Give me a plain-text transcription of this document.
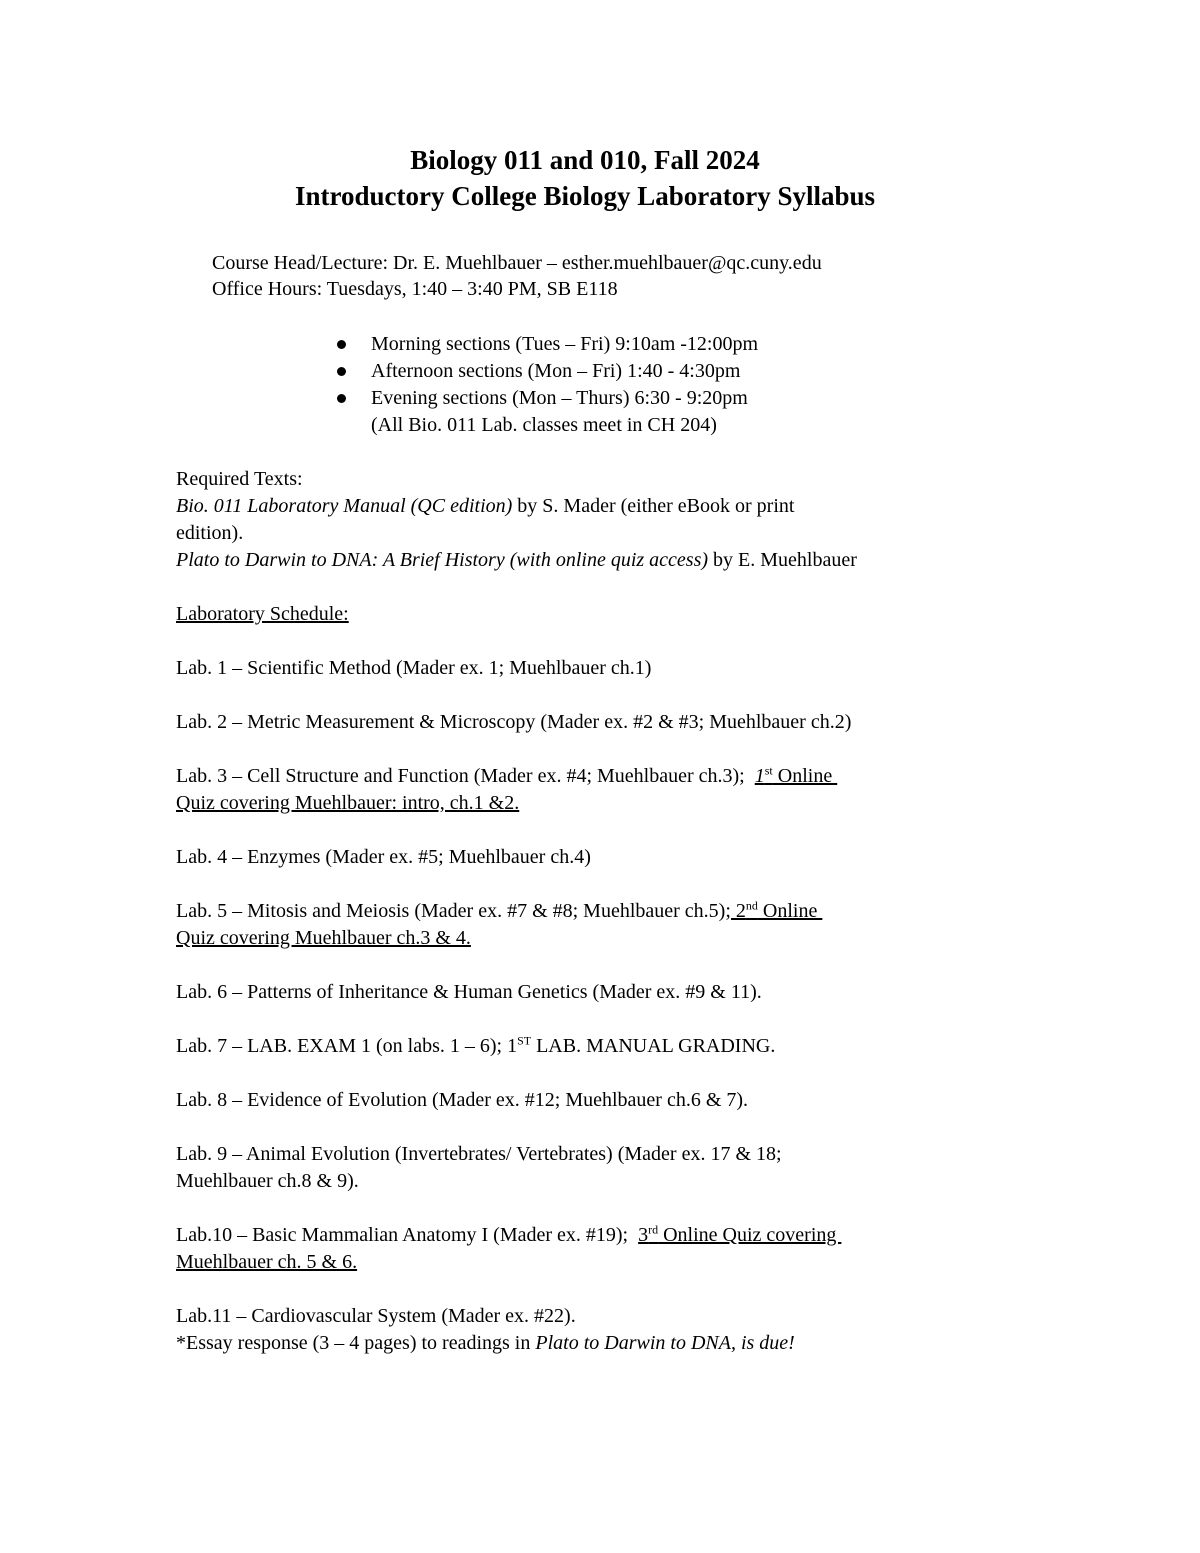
Biology 011 and 010, Fall 2024
Introductory College Biology Laboratory Syllabus
Course Head/Lecture: Dr. E. Muehlbauer – esther.muehlbauer@qc.cuny.edu
Office Hours: Tuesdays, 1:40 – 3:40 PM, SB E118
Morning sections (Tues – Fri) 9:10am -12:00pm
Afternoon sections (Mon – Fri) 1:40 - 4:30pm
Evening sections (Mon – Thurs) 6:30 - 9:20pm
(All Bio. 011 Lab. classes meet in CH 204)
Required Texts:
Bio. 011 Laboratory Manual (QC edition) by S. Mader (either eBook or print
edition).
Plato to Darwin to DNA: A Brief History (with online quiz access) by E. Muehlbauer
Laboratory Schedule:
Lab. 1 – Scientific Method (Mader ex. 1; Muehlbauer ch.1)
Lab. 2 – Metric Measurement & Microscopy (Mader ex. #2 & #3; Muehlbauer ch.2)
Lab. 3 – Cell Structure and Function (Mader ex. #4; Muehlbauer ch.3);  1st Online
Quiz covering Muehlbauer: intro, ch.1 &2.
Lab. 4 – Enzymes (Mader ex. #5; Muehlbauer ch.4)
Lab. 5 – Mitosis and Meiosis (Mader ex. #7 & #8; Muehlbauer ch.5); 2nd Online
Quiz covering Muehlbauer ch.3 & 4.
Lab. 6 – Patterns of Inheritance & Human Genetics (Mader ex. #9 & 11).
Lab. 7 – LAB. EXAM 1 (on labs. 1 – 6); 1ST LAB. MANUAL GRADING.
Lab. 8 – Evidence of Evolution (Mader ex. #12; Muehlbauer ch.6 & 7).
Lab. 9 – Animal Evolution (Invertebrates/ Vertebrates) (Mader ex. 17 & 18;
Muehlbauer ch.8 & 9).
Lab.10 – Basic Mammalian Anatomy I (Mader ex. #19);  3rd Online Quiz covering
Muehlbauer ch. 5 & 6.
Lab.11 – Cardiovascular System (Mader ex. #22).
*Essay response (3 – 4 pages) to readings in Plato to Darwin to DNA, is due!
